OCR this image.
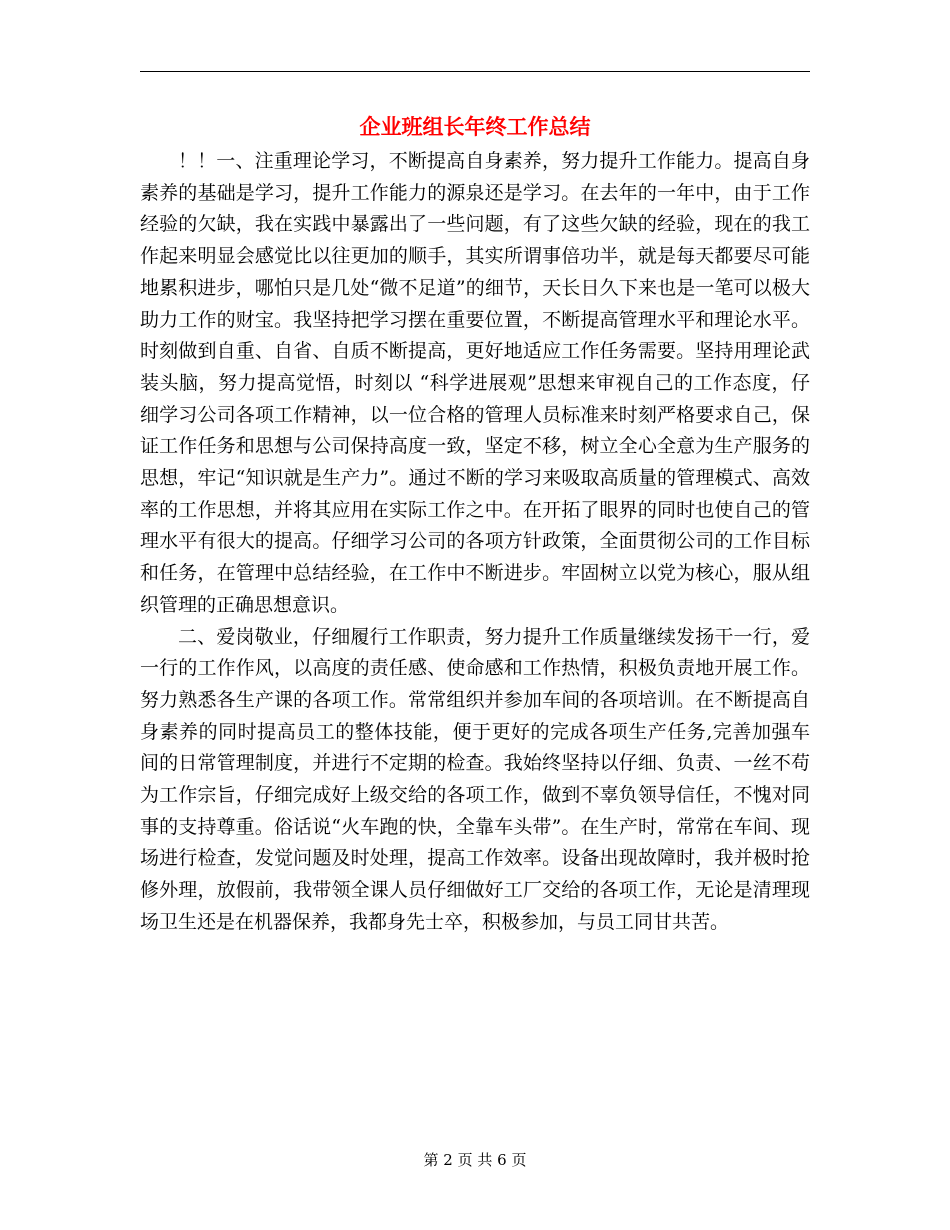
企业班组长年终工作总结

！！一、注重理论学习，不断提高自身素养，努力提升工作能力。提高自身素养的基础是学习，提升工作能力的源泉还是学习。在去年的一年中，由于工作经验的欠缺，我在实践中暴露出了一些问题，有了这些欠缺的经验，现在的我工作起来明显会感觉比以往更加的顺手，其实所谓事倍功半，就是每天都要尽可能地累积进步，哪怕只是几处“微不足道”的细节，天长日久下来也是一笔可以极大助力工作的财宝。我坚持把学习摆在重要位置，不断提高管理水平和理论水平。时刻做到自重、自省、自质不断提高，更好地适应工作任务需要。坚持用理论武装头脑，努力提高觉悟，时刻以 “科学进展观”思想来审视自己的工作态度，仔细学习公司各项工作精神，以一位合格的管理人员标准来时刻严格要求自己，保证工作任务和思想与公司保持高度一致，坚定不移，树立全心全意为生产服务的思想，牢记“知识就是生产力”。通过不断的学习来吸取高质量的管理模式、高效率的工作思想，并将其应用在实际工作之中。在开拓了眼界的同时也使自己的管理水平有很大的提高。仔细学习公司的各项方针政策，全面贯彻公司的工作目标和任务，在管理中总结经验，在工作中不断进步。牢固树立以党为核心，服从组织管理的正确思想意识。

二、爱岗敬业，仔细履行工作职责，努力提升工作质量继续发扬干一行，爱一行的工作作风，以高度的责任感、使命感和工作热情，积极负责地开展工作。努力熟悉各生产课的各项工作。常常组织并参加车间的各项培训。在不断提高自身素养的同时提高员工的整体技能，便于更好的完成各项生产任务,完善加强车间的日常管理制度，并进行不定期的检查。我始终坚持以仔细、负责、一丝不苟为工作宗旨，仔细完成好上级交给的各项工作，做到不辜负领导信任，不愧对同事的支持尊重。俗话说“火车跑的快，全靠车头带”。在生产时，常常在车间、现场进行检查，发觉问题及时处理，提高工作效率。设备出现故障时，我并极时抢修外理，放假前，我带领全课人员仔细做好工厂交给的各项工作，无论是清理现场卫生还是在机器保养，我都身先士卒，积极参加，与员工同甘共苦。

第 2 页 共 6 页
